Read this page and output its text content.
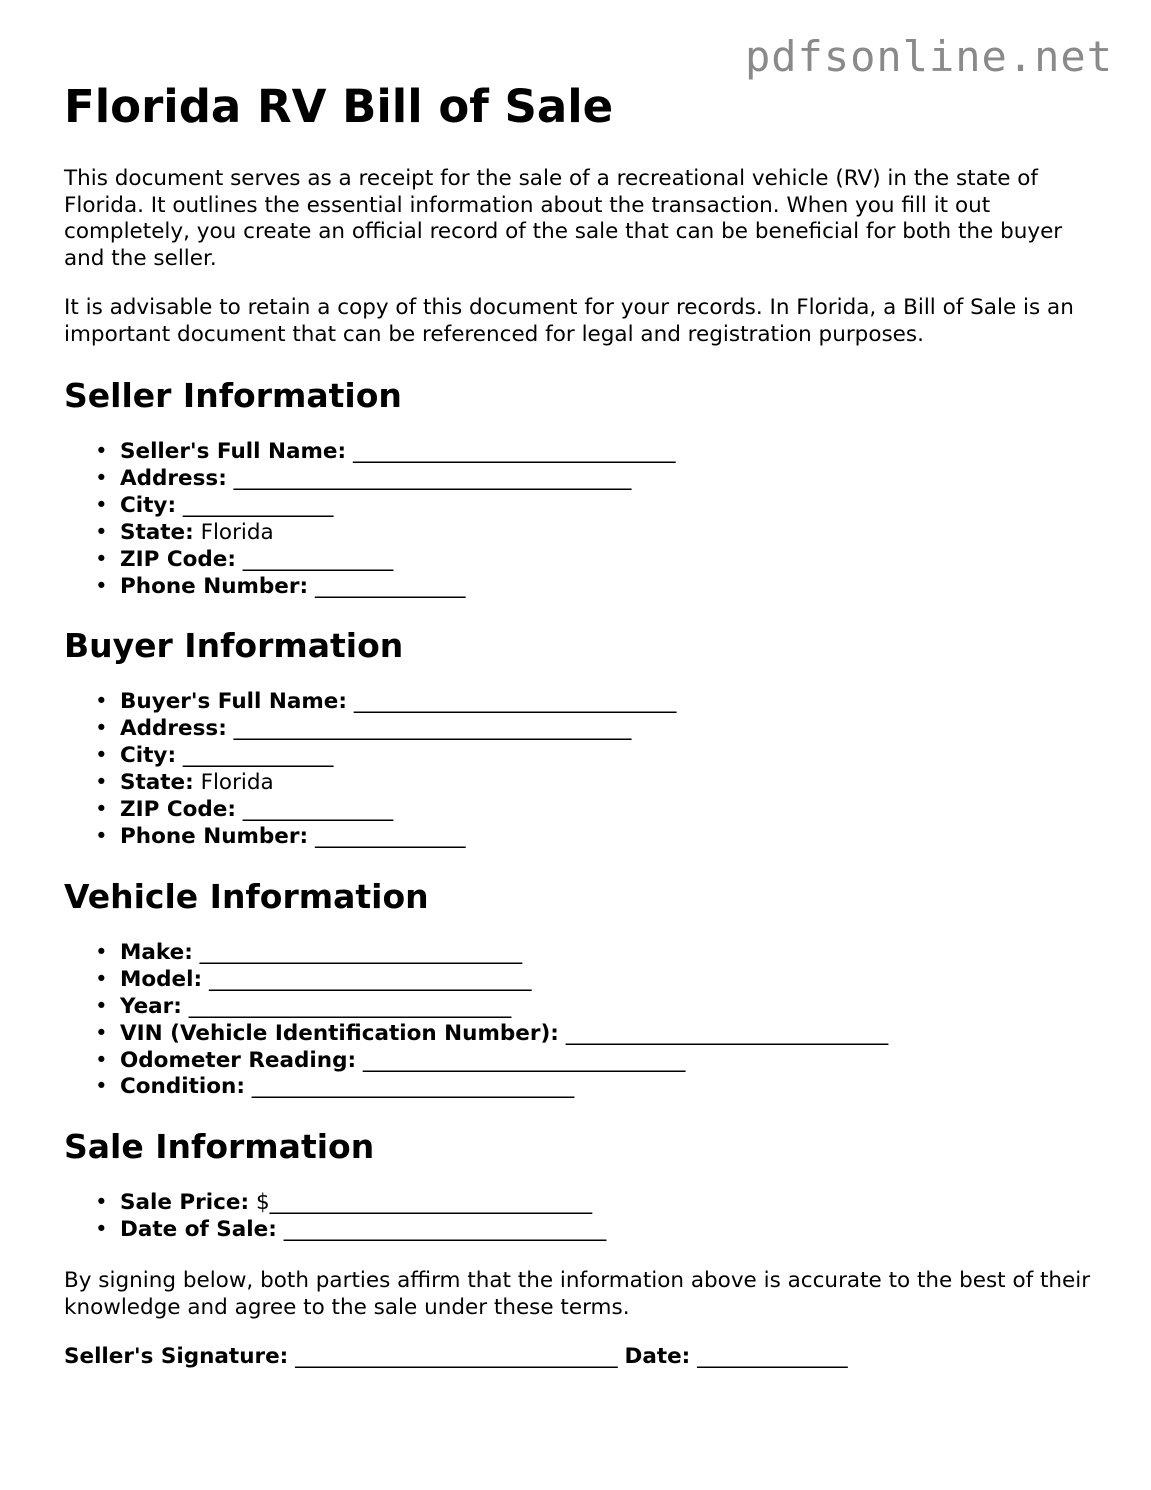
pdfsonline.net
Florida RV Bill of Sale

This document serves as a receipt for the sale of a recreational vehicle (RV) in the state of Florida. It outlines the essential information about the transaction. When you fill it out completely, you create an official record of the sale that can be beneficial for both the buyer and the seller.

It is advisable to retain a copy of this document for your records. In Florida, a Bill of Sale is an important document that can be referenced for legal and registration purposes.

Seller Information
• Seller's Full Name: ______________________________
• Address: _____________________________________
• City: ______________
• State: Florida
• ZIP Code: ______________
• Phone Number: ______________
Buyer Information
• Buyer's Full Name: ______________________________
• Address: _____________________________________
• City: ______________
• State: Florida
• ZIP Code: ______________
• Phone Number: ______________
Vehicle Information
• Make: ______________________________
• Model: ______________________________
• Year: ______________________________
• VIN (Vehicle Identification Number): ______________________________
• Odometer Reading: ______________________________
• Condition: ______________________________
Sale Information
• Sale Price: $______________________________
• Date of Sale: ______________________________

By signing below, both parties affirm that the information above is accurate to the best of their knowledge and agree to the sale under these terms.

Seller's Signature: ______________________________ Date: ______________
